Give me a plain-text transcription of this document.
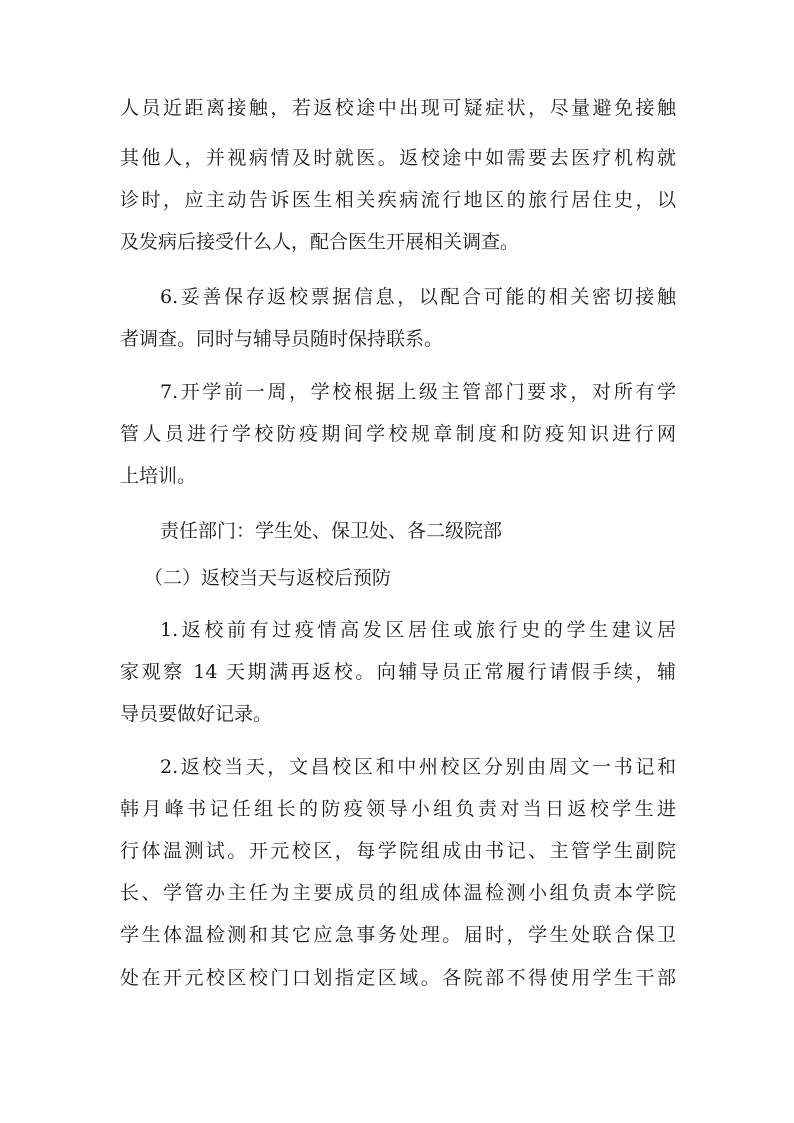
人员近距离接触，若返校途中出现可疑症状，尽量避免接触
其他人，并视病情及时就医。返校途中如需要去医疗机构就
诊时，应主动告诉医生相关疾病流行地区的旅行居住史，以
及发病后接受什么人，配合医生开展相关调查。
6.妥善保存返校票据信息，以配合可能的相关密切接触
者调查。同时与辅导员随时保持联系。
7.开学前一周，学校根据上级主管部门要求，对所有学
管人员进行学校防疫期间学校规章制度和防疫知识进行网
上培训。
责任部门：学生处、保卫处、各二级院部
（二）返校当天与返校后预防
1.返校前有过疫情高发区居住或旅行史的学生建议居
家观察 14 天期满再返校。向辅导员正常履行请假手续，辅
导员要做好记录。
2.返校当天，文昌校区和中州校区分别由周文一书记和
韩月峰书记任组长的防疫领导小组负责对当日返校学生进
行体温测试。开元校区，每学院组成由书记、主管学生副院
长、学管办主任为主要成员的组成体温检测小组负责本学院
学生体温检测和其它应急事务处理。届时，学生处联合保卫
处在开元校区校门口划指定区域。各院部不得使用学生干部
